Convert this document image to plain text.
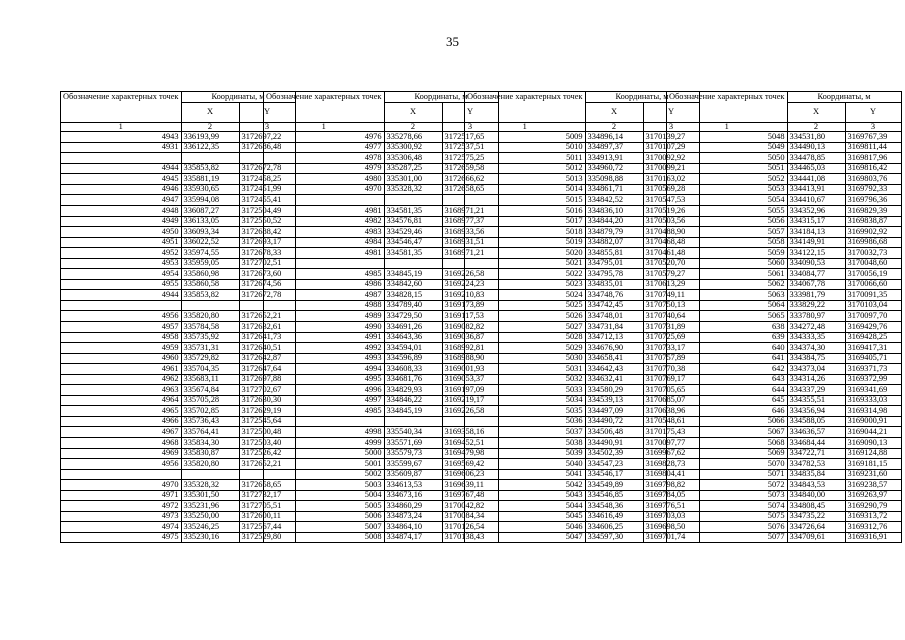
35
Обозначение характерных точек	Координаты, м	
	X	Y
1	2	3
4943	336193,99	3172697,22
4931	336122,35	3172686,48

4944	335853,82	3172672,78
4945	335881,19	3172458,25
4946	335930,65	3172451,99
4947	335994,08	3172455,41
4948	336087,27	3172504,49
4949	336133,05	3172550,52
4950	336093,34	3172688,42
4951	336022,52	3172693,17
4952	335974,55	3172678,33
4953	335959,05	3172702,51
4954	335860,98	3172673,60
4955	335860,58	3172674,56
4944	335853,82	3172672,78

4956	335820,80	3172652,21
4957	335784,58	3172632,61
4958	335735,92	3172641,73
4959	335731,31	3172640,51
4960	335729,82	3172642,87
4961	335704,35	3172647,64
4962	335683,11	3172697,88
4963	335674,84	3172702,67
4964	335705,28	3172630,30
4965	335702,85	3172629,19
4966	335736,43	3172545,64
4967	335764,41	3172500,48
4968	335834,30	3172503,40
4969	335830,87	3172526,42
4956	335820,80	3172652,21

4970	335328,32	3172658,65
4971	335301,50	3172732,17
4972	335231,96	3172705,51
4973	335250,00	3172600,11
4974	335246,25	3172567,44
4975	335230,16	3172529,80
Обозначение характерных точек	Координаты, м	
	X	Y
1	2	3
4976	335278,66	3172517,65
4977	335300,92	3172537,51
4978	335306,48	3172575,25
4979	335287,25	3172659,58
4980	335301,00	3172666,62
4970	335328,32	3172658,65

4981	334581,35	3168971,21
4982	334576,81	3168977,37
4983	334529,46	3168933,56
4984	334546,47	3168931,51
4981	334581,35	3168971,21

4985	334845,19	3169226,58
4986	334842,60	3169224,23
4987	334828,15	3169210,83
4988	334789,40	3169173,89
4989	334729,50	3169117,53
4990	334691,26	3169082,82
4991	334643,36	3169036,87
4992	334594,01	3168992,81
4993	334596,89	3168988,90
4994	334608,33	3169001,93
4995	334681,76	3169053,37
4996	334829,93	3169197,09
4997	334846,22	3169219,17
4985	334845,19	3169226,58

4998	335540,34	3169358,16
4999	335571,69	3169452,51
5000	335579,73	3169479,98
5001	335599,67	3169569,42
5002	335609,87	3169606,23
5003	334613,53	3169639,11
5004	334673,16	3169767,48
5005	334860,29	3170042,82
5006	334873,24	3170084,34
5007	334864,10	3170126,54
5008	334874,17	3170138,43
Обозначение характерных точек	Координаты, м	
	X	Y
1	2	3
5009	334896,14	3170139,27
5010	334897,37	3170107,29
5011	334913,91	3170092,92
5012	334960,72	3170099,21
5013	335098,88	3170163,02
5014	334861,71	3170569,28
5015	334842,52	3170547,53
5016	334836,10	3170519,26
5017	334844,20	3170503,56
5018	334879,79	3170488,90
5019	334882,07	3170468,48
5020	334855,81	3170461,48
5021	334795,01	3170520,70
5022	334795,78	3170579,27
5023	334835,01	3170613,29
5024	334748,76	3170749,11
5025	334742,45	3170750,13
5026	334748,01	3170740,64
5027	334731,84	3170731,89
5028	334712,13	3170725,69
5029	334676,90	3170733,17
5030	334658,41	3170757,89
5031	334642,43	3170770,38
5032	334632,41	3170769,17
5033	334580,29	3170705,65
5034	334539,13	3170685,07
5035	334497,09	3170638,96
5036	334490,72	3170548,61
5037	334506,48	3170175,43
5038	334490,91	3170097,77
5039	334502,39	3169967,62
5040	334547,23	3169828,73
5041	334546,17	3169804,41
5042	334549,89	3169798,82
5043	334546,85	3169784,05
5044	334548,36	3169776,51
5045	334616,49	3169703,03
5046	334606,25	3169698,50
5047	334597,30	3169701,74
Обозначение характерных точек	Координаты, м	
	X	Y
1	2	3
5048	334531,80	3169767,39
5049	334490,13	3169811,44
5050	334478,85	3169817,96
5051	334465,03	3169816,42
5052	334441,08	3169803,76
5053	334413,91	3169792,33
5054	334410,67	3169796,36
5055	334352,96	3169829,39
5056	334315,17	3169838,87
5057	334184,13	3169902,92
5058	334149,91	3169986,68
5059	334122,15	3170032,73
5060	334090,53	3170048,60
5061	334084,77	3170056,19
5062	334067,78	3170066,60
5063	333981,79	3170091,35
5064	333829,22	3170103,04
5065	333780,97	3170097,70
638	334272,48	3169429,76
639	334333,35	3169428,25
640	334374,30	3169417,31
641	334384,75	3169405,71
642	334373,04	3169371,73
643	334314,26	3169372,99
644	334337,29	3169341,69
645	334355,51	3169333,03
646	334356,94	3169314,98
5066	334588,05	3169000,91
5067	334636,57	3169044,21
5068	334684,44	3169090,13
5069	334722,71	3169124,88
5070	334782,53	3169181,15
5071	334835,84	3169231,60
5072	334843,53	3169238,57
5073	334840,00	3169263,97
5074	334808,45	3169290,79
5075	334735,22	3169313,72
5076	334726,64	3169312,76
5077	334709,61	3169316,91
